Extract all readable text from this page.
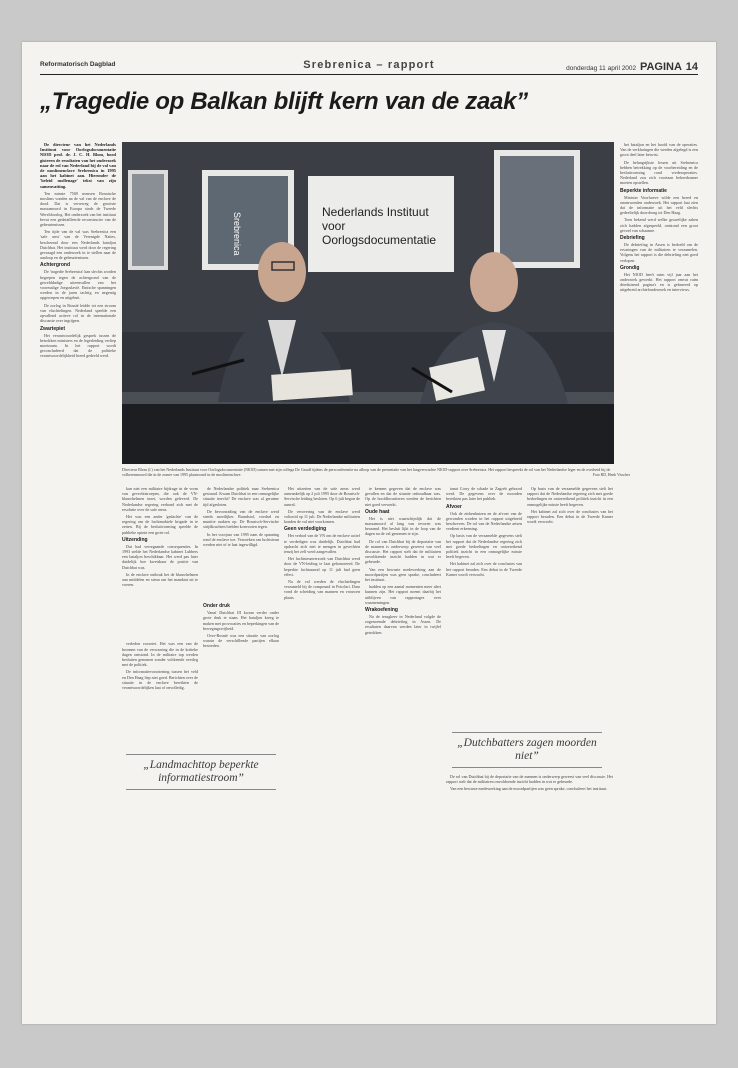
Reformatorisch Dagblad	Srebrenica – rapport	donderdag 11 april 2002 PAGINA 14
„Tragedie op Balkan blijft kern van de zaak”

De directeur van het Nederlands Instituut voor Oorlogsdocumentatie NIOD prof. dr. J. C. H. Blom, bood gisteren de resultaten van het onderzoek naar de rol van Nederland bij de val van de moslimenclave Srebrenica in 1995 aan het kabinet aan. Hieronder de 'beleid mollenage' tekst van zijn samenvatting.

Ten minste 7500 mensen Bosnische moslims vonden na de val van de enclave de dood. Dat is verreweg de grootste massamoord in Europa sinds de Tweede Wereldoorlog. Het onderzoek van het instituut bevat een gedetailleerde reconstructie van de gebeurtenissen.

Ten tijde van de val was Srebrenica een 'safe area' van de Verenigde Naties, beschermd door een Nederlands bataljon Dutchbat. Het instituut werd door de regering gevraagd een onderzoek in te stellen naar de aanloop en de gebeurtenissen.

Achtergrond

De 'tragedie Srebrenica' kan slechts worden begrepen tegen de achtergrond van de gewelddadige uiteenvallen van het voormalige Joegoslavië. Etnische spanningen werden in de jaren tachtig en negentig opgeroepen en uitgebuit.

De oorlog in Bosnië leidde tot een stroom van vluchtelingen. Nederland speelde een opvallend actieve rol in de internationale discussie over ingrijpen.

Zwartepiet

Het verantwoordelijk gesprek tussen de betrokken ministers en de legerleiding verliep moeizaam. In het rapport wordt geconcludeerd dat de politieke verantwoordelijkheid breed gedeeld werd.

Srebrenica	Nederlands Instituut
voor
Oorlogsdocumentatie
Directeur Blom (l.) van het Nederlands Instituut voor Oorlogsdocumentatie (NIOD) samen met zijn collega De Graaff tijdens de persconferentie na afloop van de presentatie van het langverwachte NIOD-rapport over Srebrenica. Het rapport bespreekt de rol van het Nederlandse leger en de overheid bij de volkerenmoord die in de zomer van 1995 plaatsvond in de moslimenclave.

het bataljon en het hoofd van de operaties. Van de verklaringen die werden afgelegd is een groot deel later betwist.

De belangrijkste lessen uit Srebrenica hebben betrekking op de voorbereiding en de besluitvorming rond vredesoperaties. Nederland zou zich voortaan behoedzamer moeten opstellen.

Beperkte informatie

Minister Voorhoeve wilde een breed en onomwonden onderzoek. Het rapport laat zien dat de informatie uit het veld slechts gedeeltelijk doordrong tot Den Haag.

Toen bekend werd welke gruwelijke zaken zich hadden afgespeeld, ontstond een groot gevoel van schaamte.

Debriefing

De debriefing in Assen is bedoeld om de ervaringen van de militairen te verzamelen. Volgens het rapport is die debriefing niet goed verlopen.

Grondig

Het NIOD heeft ruim vijf jaar aan het onderzoek gewerkt. Het rapport omvat ruim drieduizend pagina's en is gebaseerd op uitgebreid archiefonderzoek en interviews.

kan niet een militaire bijdrage in de vorm van gevechtstroepen, die ook de VN-blauwhelmen inzet, worden geleverd. De Nederlandse regering verbond zich met de resolutie over de safe areas.

Het was een ander 'gedachte' van de regering om de luchtmobiele brigade in te zetten. Bij de besluitvorming speelde de publieke opinie een grote rol.

Uitzending

Dat had verregaande consequenties. In 1993 stelde het Nederlandse kabinet Lubbers een bataljon beschikbaar. Het werd pas later duidelijk hoe kwetsbaar de positie van Dutchbat was.

In de enclave ontbrak het de blauwhelmen aan middelen en steun om het mandaat uit te voeren.

verleden voorziet. Het was een van de bronnen van de verwarring die in de kritieke dagen ontstond. In de militaire top werden besluiten genomen zonder voldoende overleg met de politiek.

De informatievoorziening tussen het veld en Den Haag liep niet goed. Berichten over de situatie in de enclave bereikten de verantwoordelijken laat of onvolledig.

de Nederlandse politiek naar Srebrenica gestuurd. Kwam Dutchbat in een onmogelijke situatie terecht? De enclave was al geruime tijd afgesloten.

De bevoorrading van de enclave werd steeds moeilijker. Brandstof, voedsel en munitie raakten op. De Bosnisch-Servische strijdkrachten hielden konvooien tegen.

In het voorjaar van 1995 nam de spanning rond de enclave toe. Verzoeken om luchtsteun werden niet of te laat ingewilligd.

Onder druk

Vanaf Dutchbat III kwam verder onder grote druk te staan. Het bataljon kreeg te maken met provocaties en beperkingen van de bewegingsvrijheid.

Over-Bosnië was een situatie van oorlog waarin de verschillende partijen elkaar bestreden.

„Landmachttop beperkte informatiestroom”

Het uitzetten van de safe areas werd aanvankelijk op 2 juli 1995 door de Bosnisch-Servische leiding besloten. Op 6 juli begon de aanval.

De verovering van de enclave werd voltooid op 11 juli. De Nederlandse militairen konden de val niet voorkomen.

Geen verdediging

Het verbod van de VN om de enclave actief te verdedigen was duidelijk. Dutchbat had opdracht zich niet te mengen in gevechten tenzij het zelf werd aangevallen.

Het luchtsteunverzoek van Dutchbat werd door de VN-leiding te laat gehonoreerd. De beperkte luchtaanval op 11 juli had geen effect.

Na de val werden de vluchtelingen verzameld bij de compound in Potočari. Daar vond de scheiding van mannen en vrouwen plaats.

te kennen gegeven dat de enclave was gevallen en dat de situatie onhoudbaar was. Op de hoofdkwartieren werden de berichten niet goed verwerkt.

Oude haat

Het is niet waarschijnlijk dat de massamoord al lang van tevoren was beraamd. Het besluit lijkt in de loop van de dagen na de val genomen te zijn.

De rol van Dutchbat bij de deportatie van de mannen is onderwerp geweest van veel discussie. Het rapport stelt dat de militairen onvoldoende inzicht hadden in wat er gebeurde.

Van een bewuste medewerking aan de moordpartijen was geen sprake, concludeert het instituut.

hadden op een aantal momenten meer alert kunnen zijn. Het rapport noemt daarbij het uitblijven van rapportages over waarnemingen.

Wrakoefening

Na de terugkeer in Nederland volgde de zogenoemde debriefing in Assen. De resultaten daarvan werden later in twijfel getrokken.

tanat Corry de schade in Zagreb gehoord werd. De gegevens over de moorden bereikten pas later het publiek.

Afvoer

Ook de ziekenhuizen en de afvoer van de gewonden worden in het rapport uitgebreid beschreven. De rol van de Nederlandse artsen verdient erkenning.

Op basis van de verzamelde gegevens stelt het rapport dat de Nederlandse regering zich met goede bedoelingen en ontoereikend politiek inzicht in een onmogelijke missie heeft begeven.

Het kabinet zal zich over de conclusies van het rapport beraden. Een debat in de Tweede Kamer wordt verwacht.

„Dutchbatters zagen moorden niet”

Op basis van de verzamelde gegevens stelt het rapport dat de Nederlandse regering zich met goede bedoelingen en ontoereikend politiek inzicht in een onmogelijke missie heeft begeven.

Het kabinet zal zich over de conclusies van het rapport beraden. Een debat in de Tweede Kamer wordt verwacht.

De rol van Dutchbat bij de deportatie van de mannen is onderwerp geweest van veel discussie. Het rapport stelt dat de militairen onvoldoende inzicht hadden in wat er gebeurde.

Van een bewuste medewerking aan de moordpartijen was geen sprake, concludeert het instituut.

Foto RD, Henk Visscher
